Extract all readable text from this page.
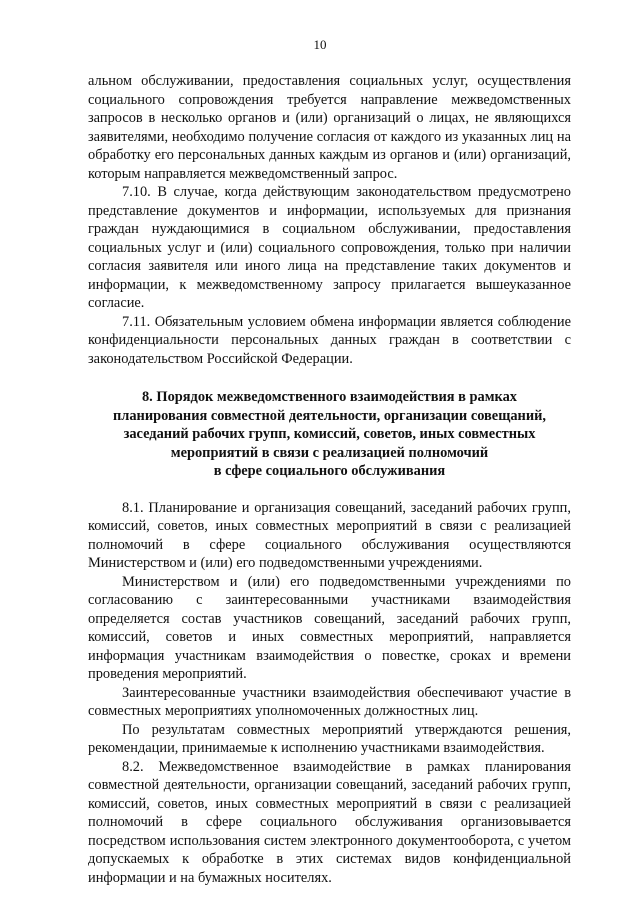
10

альном обслуживании, предоставления социальных услуг, осуществления социального сопровождения требуется направление межведомственных запросов в несколько органов и (или) организаций о лицах, не являющихся заявителями, необходимо получение согласия от каждого из указанных лиц на обработку его персональных данных каждым из органов и (или) организаций, которым направляется межведомственный запрос.

7.10. В случае, когда действующим законодательством предусмотрено представление документов и информации, используемых для признания граждан нуждающимися в социальном обслуживании, предоставления социальных услуг и (или) социального сопровождения, только при наличии согласия заявителя или иного лица на представление таких документов и информации, к межведомственному запросу прилагается вышеуказанное согласие.

7.11. Обязательным условием обмена информации является соблюдение конфиденциальности персональных данных граждан в соответствии с законодательством Российской Федерации.

8. Порядок межведомственного взаимодействия в рамках
планирования совместной деятельности, организации совещаний,
заседаний рабочих групп, комиссий, советов, иных совместных
мероприятий в связи с реализацией полномочий
в сфере социального обслуживания

8.1. Планирование и организация совещаний, заседаний рабочих групп, комиссий, советов, иных совместных мероприятий в связи с реализацией полномочий в сфере социального обслуживания осуществляются Министерством и (или) его подведомственными учреждениями.

Министерством и (или) его подведомственными учреждениями по согласованию с заинтересованными участниками взаимодействия определяется состав участников совещаний, заседаний рабочих групп, комиссий, советов и иных совместных мероприятий, направляется информация участникам взаимодействия о повестке, сроках и времени проведения мероприятий.

Заинтересованные участники взаимодействия обеспечивают участие в совместных мероприятиях уполномоченных должностных лиц.

По результатам совместных мероприятий утверждаются решения, рекомендации, принимаемые к исполнению участниками взаимодействия.

8.2. Межведомственное взаимодействие в рамках планирования совместной деятельности, организации совещаний, заседаний рабочих групп, комиссий, советов, иных совместных мероприятий в связи с реализацией полномочий в сфере социального обслуживания организовывается посредством использования систем электронного документооборота, с учетом допускаемых к обработке в этих системах видов конфиденциальной информации и на бумажных носителях.
